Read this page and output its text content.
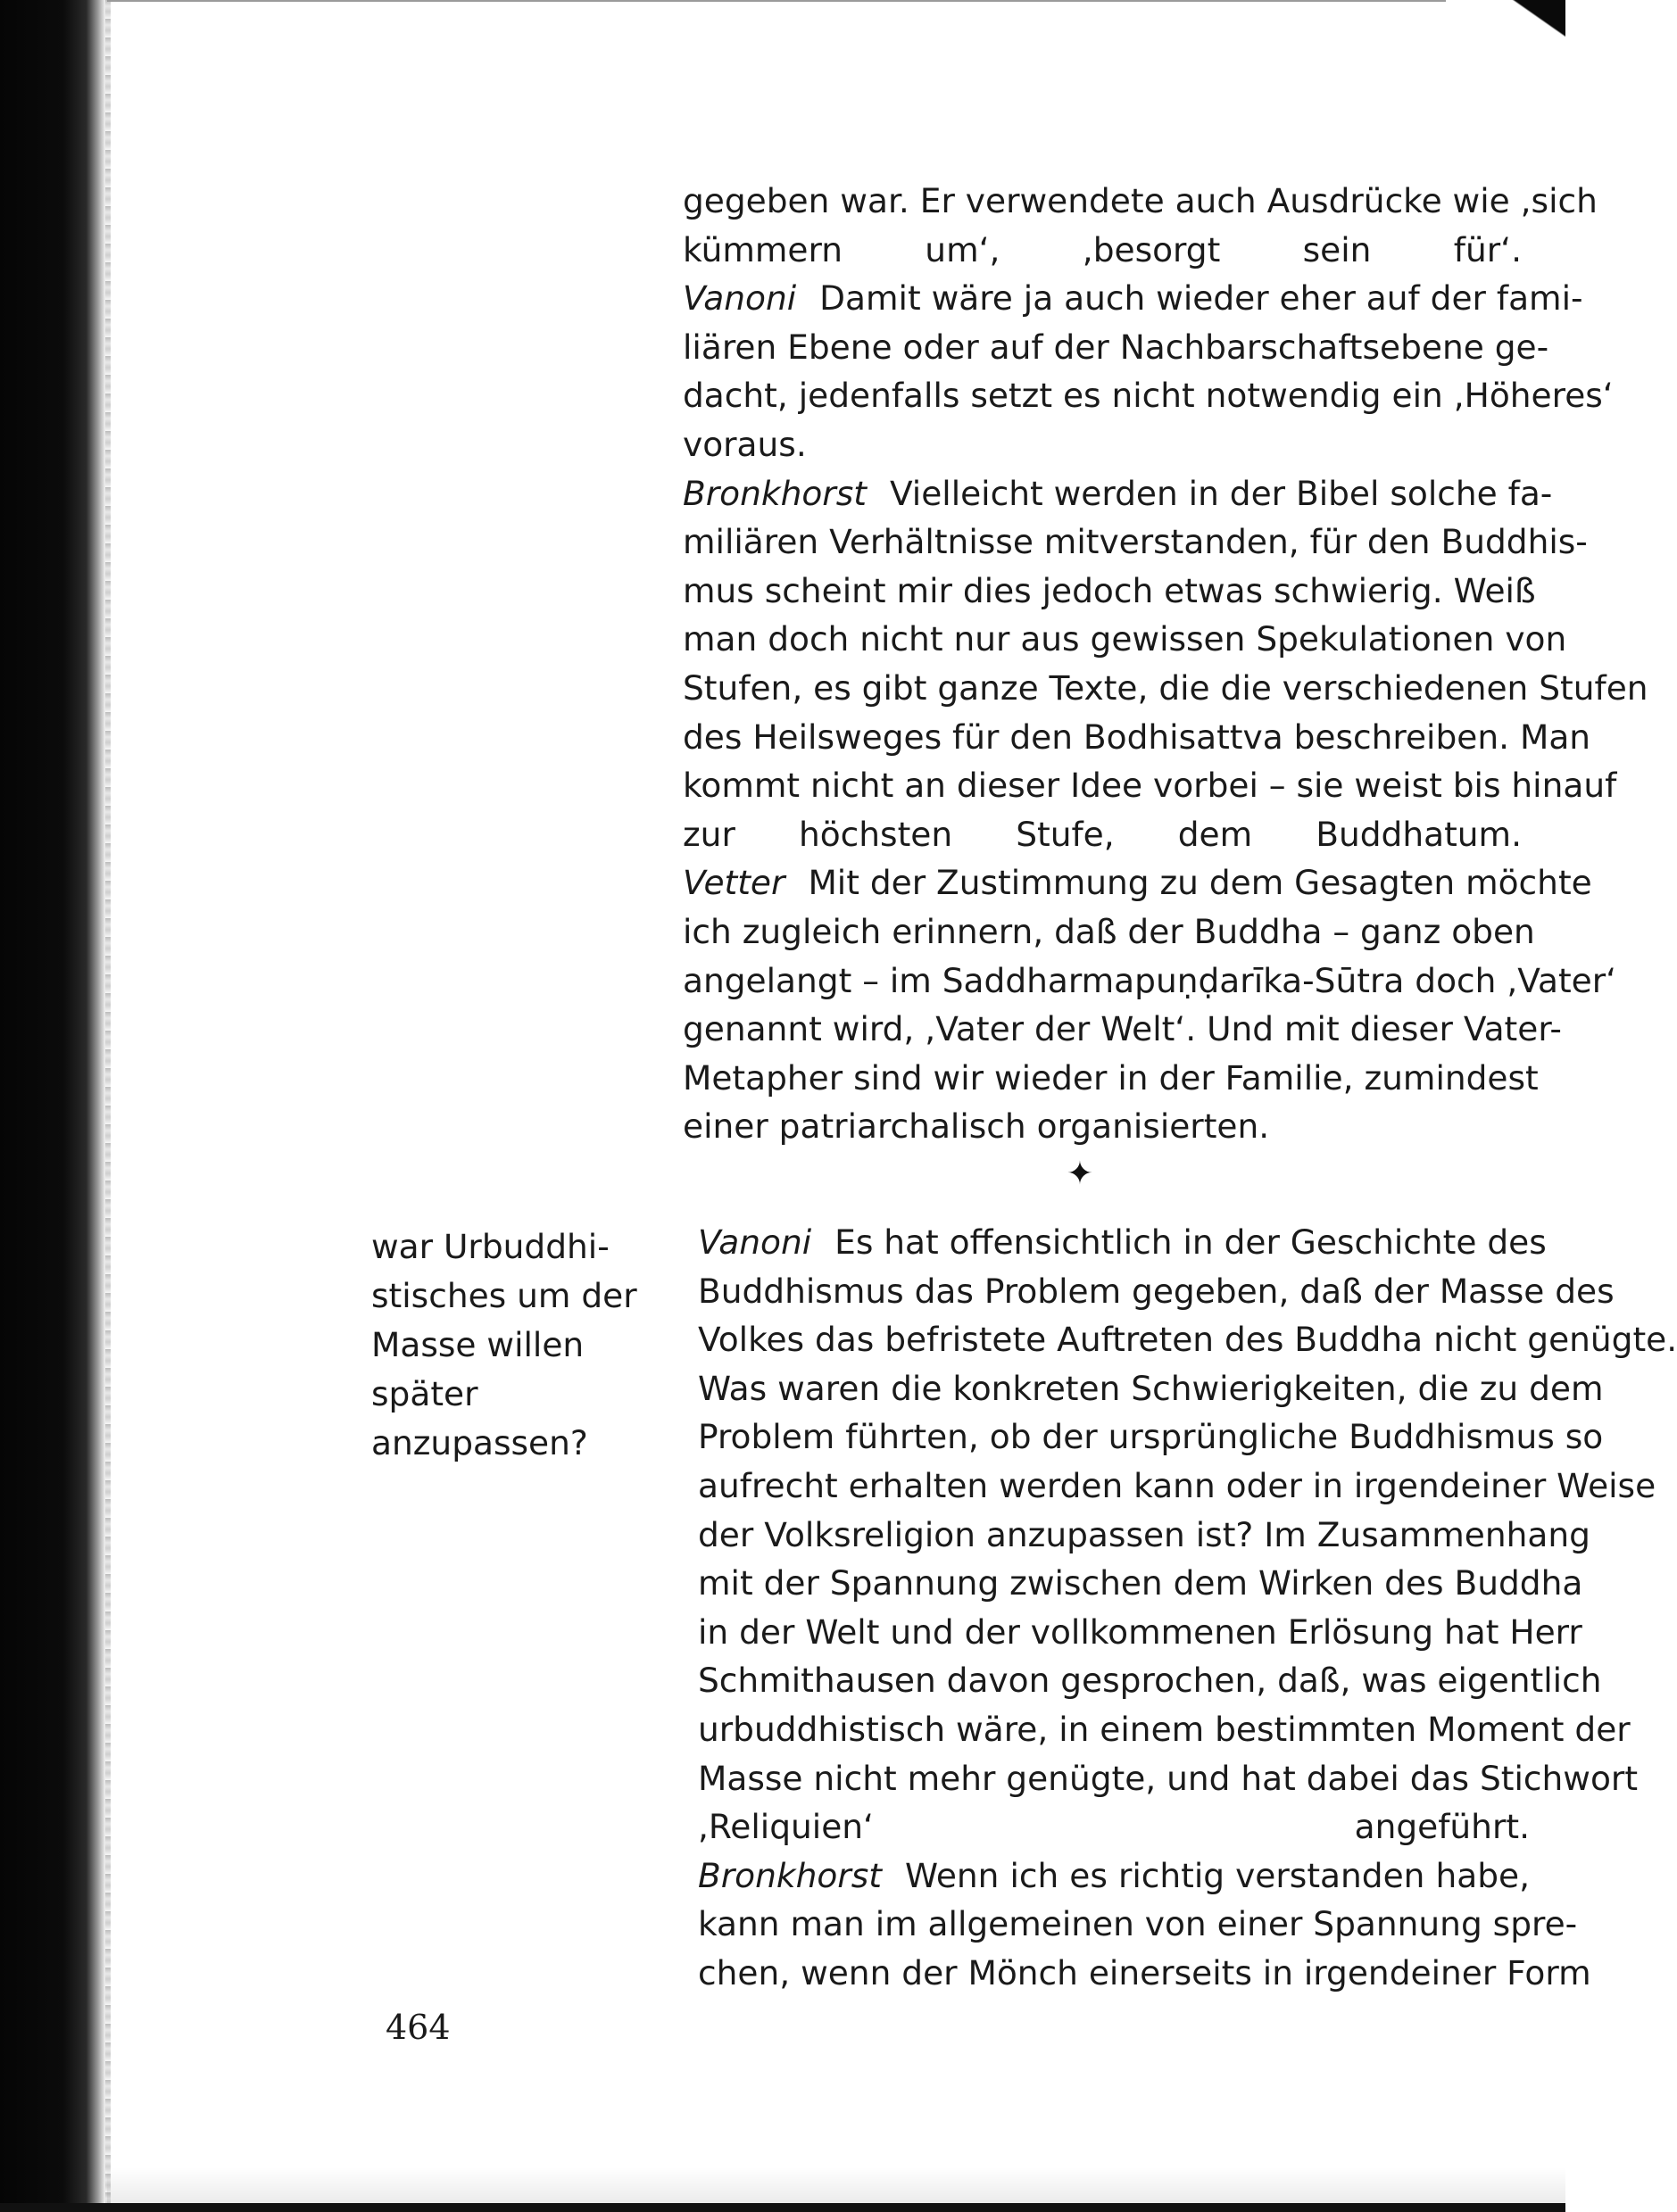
gegeben war. Er verwendete auch Ausdrücke wie ,sich
kümmern um‘, ,besorgt sein für‘.
Vanoni Damit wäre ja auch wieder eher auf der fami-
liären Ebene oder auf der Nachbarschaftsebene ge-
dacht, jedenfalls setzt es nicht notwendig ein ,Höheres‘
voraus.
Bronkhorst Vielleicht werden in der Bibel solche fa-
miliären Verhältnisse mitverstanden, für den Buddhis-
mus scheint mir dies jedoch etwas schwierig. Weiß
man doch nicht nur aus gewissen Spekulationen von
Stufen, es gibt ganze Texte, die die verschiedenen Stufen
des Heilsweges für den Bodhisattva beschreiben. Man
kommt nicht an dieser Idee vorbei – sie weist bis hinauf
zur höchsten Stufe, dem Buddhatum.
Vetter Mit der Zustimmung zu dem Gesagten möchte
ich zugleich erinnern, daß der Buddha – ganz oben
angelangt – im Saddharmapuṇḍarīka-Sūtra doch ,Vater‘
genannt wird, ,Vater der Welt‘. Und mit dieser Vater-
Metapher sind wir wieder in der Familie, zumindest
einer patriarchalisch organisierten.
✦
war Urbuddhi-
stisches um der
Masse willen
später
anzupassen?
Vanoni Es hat offensichtlich in der Geschichte des
Buddhismus das Problem gegeben, daß der Masse des
Volkes das befristete Auftreten des Buddha nicht genügte.
Was waren die konkreten Schwierigkeiten, die zu dem
Problem führten, ob der ursprüngliche Buddhismus so
aufrecht erhalten werden kann oder in irgendeiner Weise
der Volksreligion anzupassen ist? Im Zusammenhang
mit der Spannung zwischen dem Wirken des Buddha
in der Welt und der vollkommenen Erlösung hat Herr
Schmithausen davon gesprochen, daß, was eigentlich
urbuddhistisch wäre, in einem bestimmten Moment der
Masse nicht mehr genügte, und hat dabei das Stichwort
,Reliquien‘ angeführt.
Bronkhorst Wenn ich es richtig verstanden habe,
kann man im allgemeinen von einer Spannung spre-
chen, wenn der Mönch einerseits in irgendeiner Form
464
